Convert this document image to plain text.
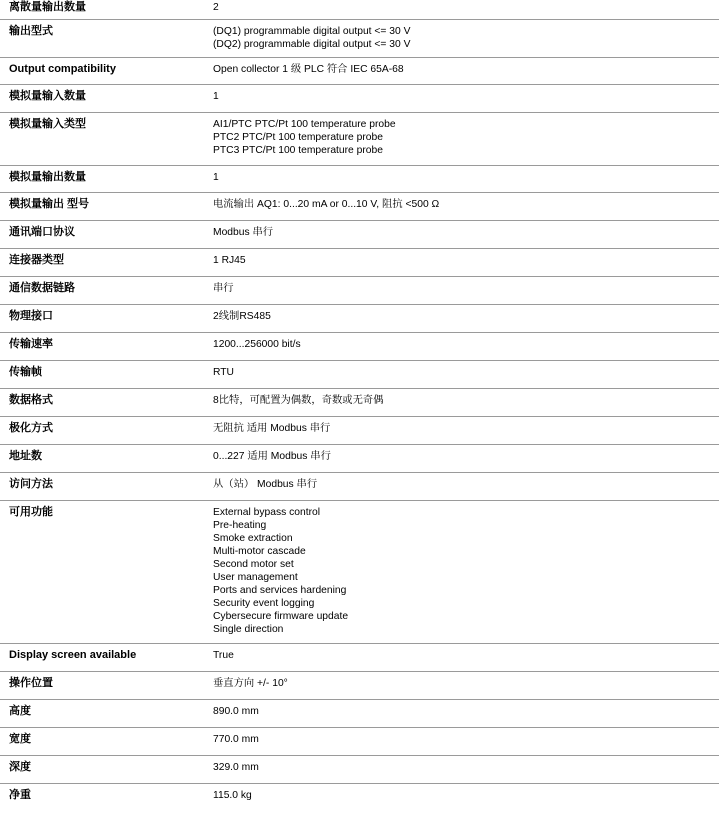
离散量输出数量	2
输出型式	(DQ1) programmable digital output <= 30 V
(DQ2) programmable digital output <= 30 V
Output compatibility	Open collector 1 级 PLC 符合 IEC 65A-68
模拟量输入数量	1
模拟量输入类型	AI1/PTC PTC/Pt 100 temperature probe
PTC2 PTC/Pt 100 temperature probe
PTC3 PTC/Pt 100 temperature probe
模拟量输出数量	1
模拟量输出 型号	电流输出 AQ1: 0...20 mA or 0...10 V, 阻抗 <500 Ω
通讯端口协议	Modbus 串行
连接器类型	1 RJ45
通信数据链路	串行
物理接口	2线制RS485
传输速率	1200...256000 bit/s
传输帧	RTU
数据格式	8比特，可配置为偶数，奇数或无奇偶
极化方式	无阻抗 适用 Modbus 串行
地址数	0...227 适用 Modbus 串行
访问方法	从（站） Modbus 串行
可用功能	External bypass control
Pre-heating
Smoke extraction
Multi-motor cascade
Second motor set
User management
Ports and services hardening
Security event logging
Cybersecure firmware update
Single direction
Display screen available	True
操作位置	垂直方向 +/- 10°
高度	890.0 mm
宽度	770.0 mm
深度	329.0 mm
净重	115.0 kg
